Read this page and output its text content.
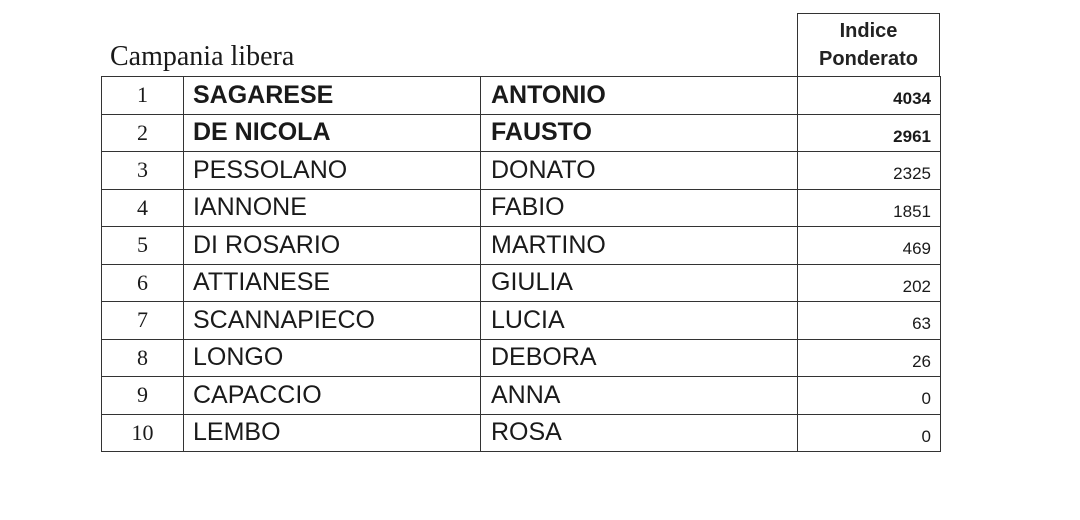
Campania libera
Indice
Ponderato
1	SAGARESE	ANTONIO	4034
2	DE NICOLA	FAUSTO	2961
3	PESSOLANO	DONATO	2325
4	IANNONE	FABIO	1851
5	DI ROSARIO	MARTINO	469
6	ATTIANESE	GIULIA	202
7	SCANNAPIECO	LUCIA	63
8	LONGO	DEBORA	26
9	CAPACCIO	ANNA	0
10	LEMBO	ROSA	0
